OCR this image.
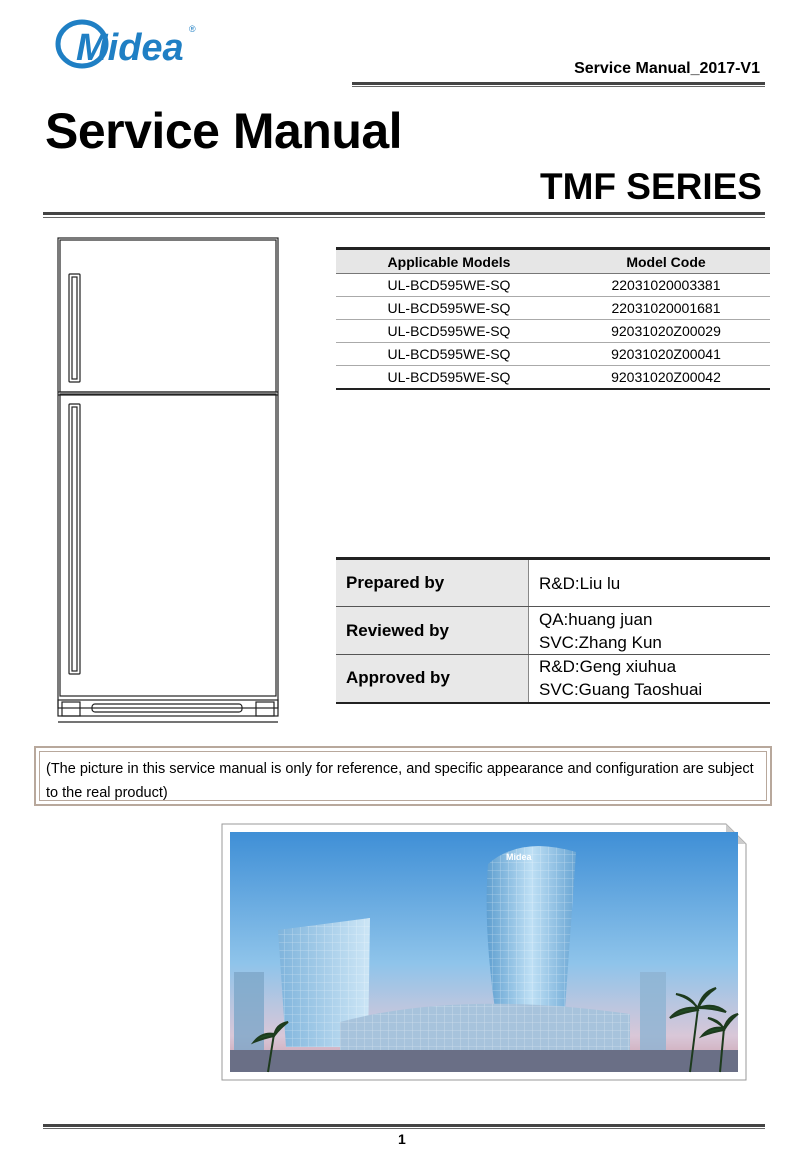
Midea ®
Service Manual_2017-V1
Service Manual
TMF SERIES
Applicable Models	Model Code
UL-BCD595WE-SQ	22031020003381
UL-BCD595WE-SQ	22031020001681
UL-BCD595WE-SQ	92031020Z00029
UL-BCD595WE-SQ	92031020Z00041
UL-BCD595WE-SQ	92031020Z00042
Prepared by	R&D:Liu lu
Reviewed by	QA:huang juan
SVC:Zhang Kun

Approved by	R&D:Geng xiuhua
SVC:Guang Taoshuai
(The picture in this service manual is only for reference, and specific appearance and configuration are subject to the real product)
Midea
1
